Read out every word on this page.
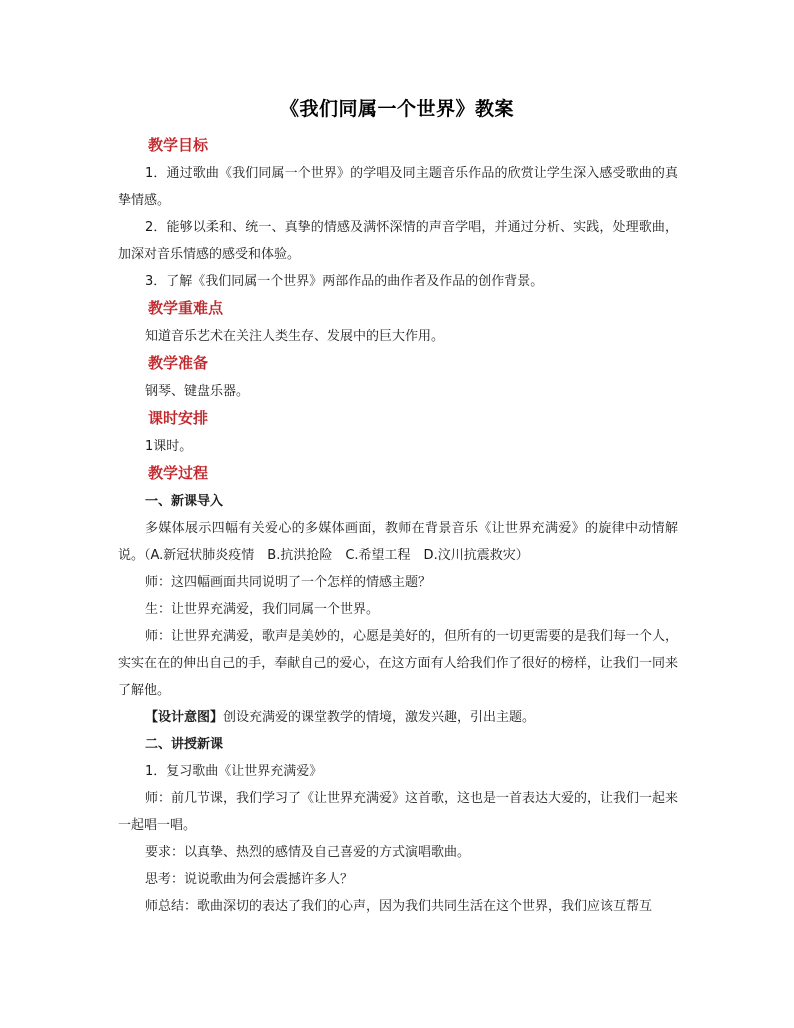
《我们同属一个世界》教案

教学目标

1．通过歌曲《我们同属一个世界》的学唱及同主题音乐作品的欣赏让学生深入感受歌曲的真挚情感。

2．能够以柔和、统一、真挚的情感及满怀深情的声音学唱，并通过分析、实践，处理歌曲，加深对音乐情感的感受和体验。

3．了解《我们同属一个世界》两部作品的曲作者及作品的创作背景。

教学重难点

知道音乐艺术在关注人类生存、发展中的巨大作用。

教学准备

钢琴、键盘乐器。

课时安排

1课时。

教学过程

一、新课导入

多媒体展示四幅有关爱心的多媒体画面，教师在背景音乐《让世界充满爱》的旋律中动情解说。（A.新冠状肺炎疫情　B.抗洪抢险　C.希望工程　D.汶川抗震救灾）

师：这四幅画面共同说明了一个怎样的情感主题？

生：让世界充满爱，我们同属一个世界。

师：让世界充满爱，歌声是美妙的，心愿是美好的，但所有的一切更需要的是我们每一个人，实实在在的伸出自己的手，奉献自己的爱心，在这方面有人给我们作了很好的榜样，让我们一同来了解他。

【设计意图】创设充满爱的课堂教学的情境，激发兴趣，引出主题。

二、讲授新课

1．复习歌曲《让世界充满爱》

师：前几节课，我们学习了《让世界充满爱》这首歌，这也是一首表达大爱的，让我们一起来一起唱一唱。

要求：以真挚、热烈的感情及自己喜爱的方式演唱歌曲。

思考：说说歌曲为何会震撼许多人？

师总结：歌曲深切的表达了我们的心声，因为我们共同生活在这个世界，我们应该互帮互
